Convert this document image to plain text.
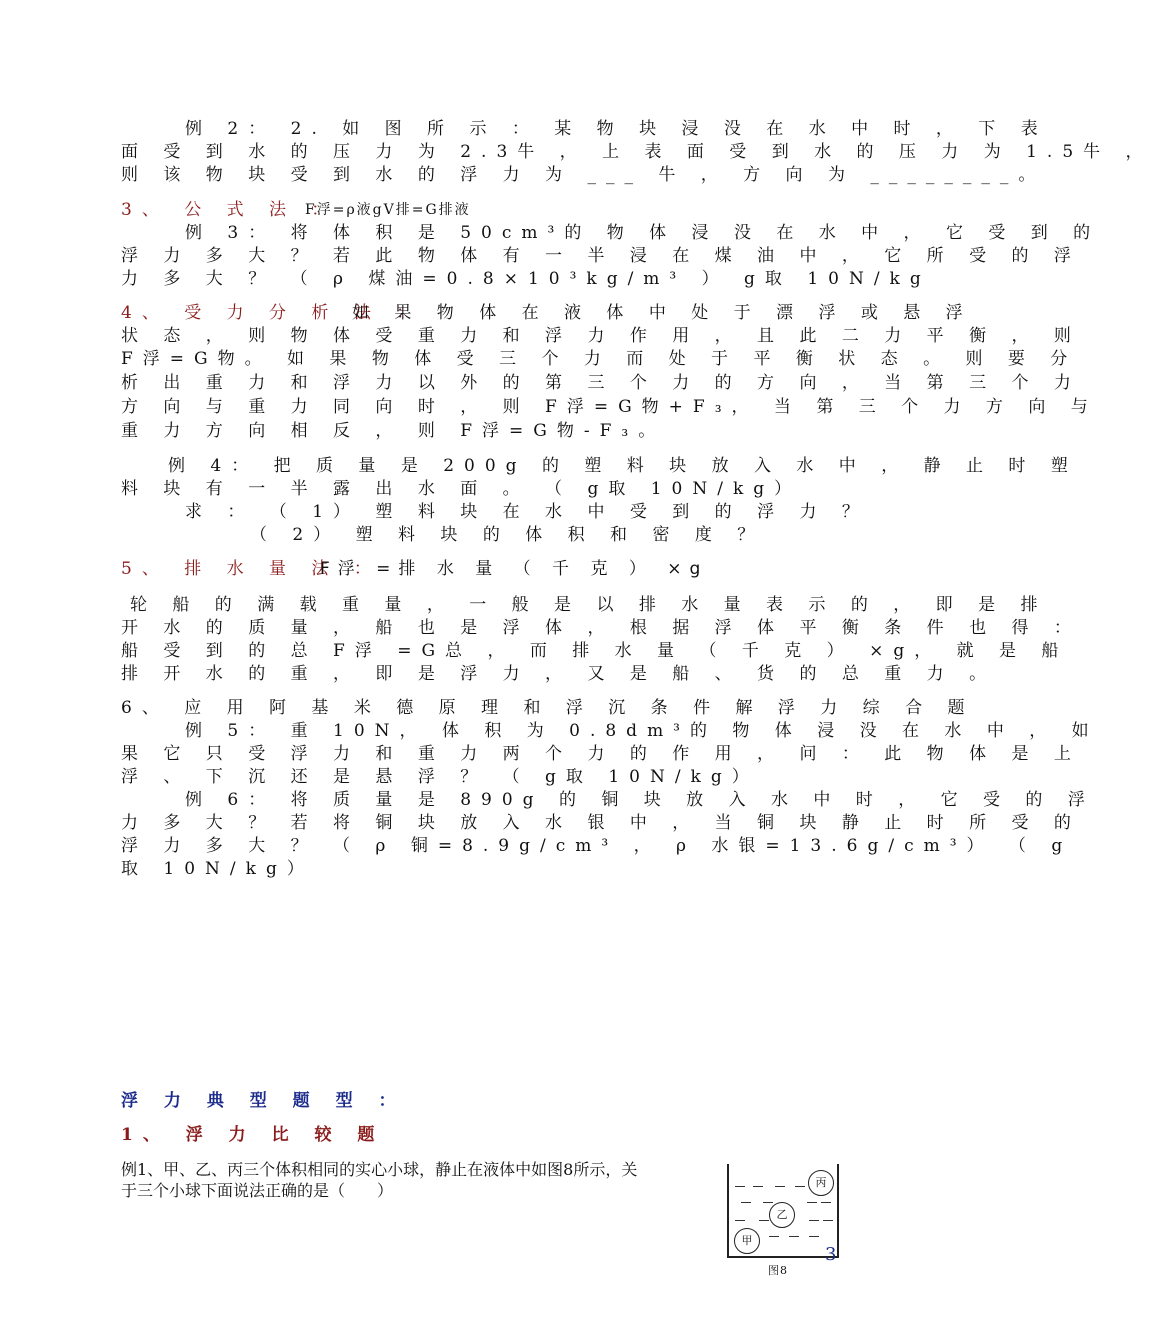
例 2： 2. 如 图 所 示 ： 某 物 块 浸 没 在 水 中 时 ， 下 表
面 受 到 水 的 压 力 为 2.3牛 ， 上 表 面 受 到 水 的 压 力 为 1.5牛 ，
则 该 物 块 受 到 水 的 浮 力 为 ___ 牛 ， 方 向 为 ________。
3、 公 式 法 ：
F浮=ρ液gV排=G排液
例 3： 将 体 积 是 50cm³的 物 体 浸 没 在 水 中 ， 它 受 到 的
浮 力 多 大 ？ 若 此 物 体 有 一 半 浸 在 煤 油 中 ， 它 所 受 的 浮
力 多 大 ？ （ ρ 煤油=0.8×10³kg/m³ ） g取 10N/kg
4、 受 力 分 析 法 ：
如 果 物 体 在 液 体 中 处 于 漂 浮 或 悬 浮
状 态 ， 则 物 体 受 重 力 和 浮 力 作 用 ， 且 此 二 力 平 衡 ， 则
F浮=G物。 如 果 物 体 受 三 个 力 而 处 于 平 衡 状 态 。 则 要 分
析 出 重 力 和 浮 力 以 外 的 第 三 个 力 的 方 向 ， 当 第 三 个 力
方 向 与 重 力 同 向 时 ， 则 F浮=G物+F₃， 当 第 三 个 力 方 向 与
重 力 方 向 相 反 ， 则 F浮=G物-F₃。
例 4： 把 质 量 是 200g 的 塑 料 块 放 入 水 中 ， 静 止 时 塑
料 块 有 一 半 露 出 水 面 。 （ g取 10N/kg）
求 ： （ 1） 塑 料 块 在 水 中 受 到 的 浮 力 ？
（ 2） 塑 料 块 的 体 积 和 密 度 ？
5、 排 水 量 法 ：
F浮 =排 水 量 （ 千 克 ） ×g
轮 船 的 满 载 重 量 ， 一 般 是 以 排 水 量 表 示 的 ， 即 是 排
开 水 的 质 量 ， 船 也 是 浮 体 ， 根 据 浮 体 平 衡 条 件 也 得 ：
船 受 到 的 总 F浮 =G总 ， 而 排 水 量 （ 千 克 ） ×g， 就 是 船
排 开 水 的 重 ， 即 是 浮 力 ， 又 是 船 、 货 的 总 重 力 。
6、 应 用 阿 基 米 德 原 理 和 浮 沉 条 件 解 浮 力 综 合 题
例 5： 重 10N， 体 积 为 0.8dm³的 物 体 浸 没 在 水 中 ， 如
果 它 只 受 浮 力 和 重 力 两 个 力 的 作 用 ， 问 ： 此 物 体 是 上
浮 、 下 沉 还 是 悬 浮 ？ （ g取 10N/kg）
例 6： 将 质 量 是 890g 的 铜 块 放 入 水 中 时 ， 它 受 的 浮
力 多 大 ？ 若 将 铜 块 放 入 水 银 中 ， 当 铜 块 静 止 时 所 受 的
浮 力 多 大 ？ （ ρ 铜=8.9g/cm³ ， ρ 水银=13.6g/cm³） （ g
取 10N/kg）
浮 力 典 型 题 型 ：
1、 浮 力 比 较 题
例1、甲、乙、丙三个体积相同的实心小球，静止在液体中如图8所示，关
于三个小球下面说法正确的是（　　）	丙
乙
甲
图8
3
